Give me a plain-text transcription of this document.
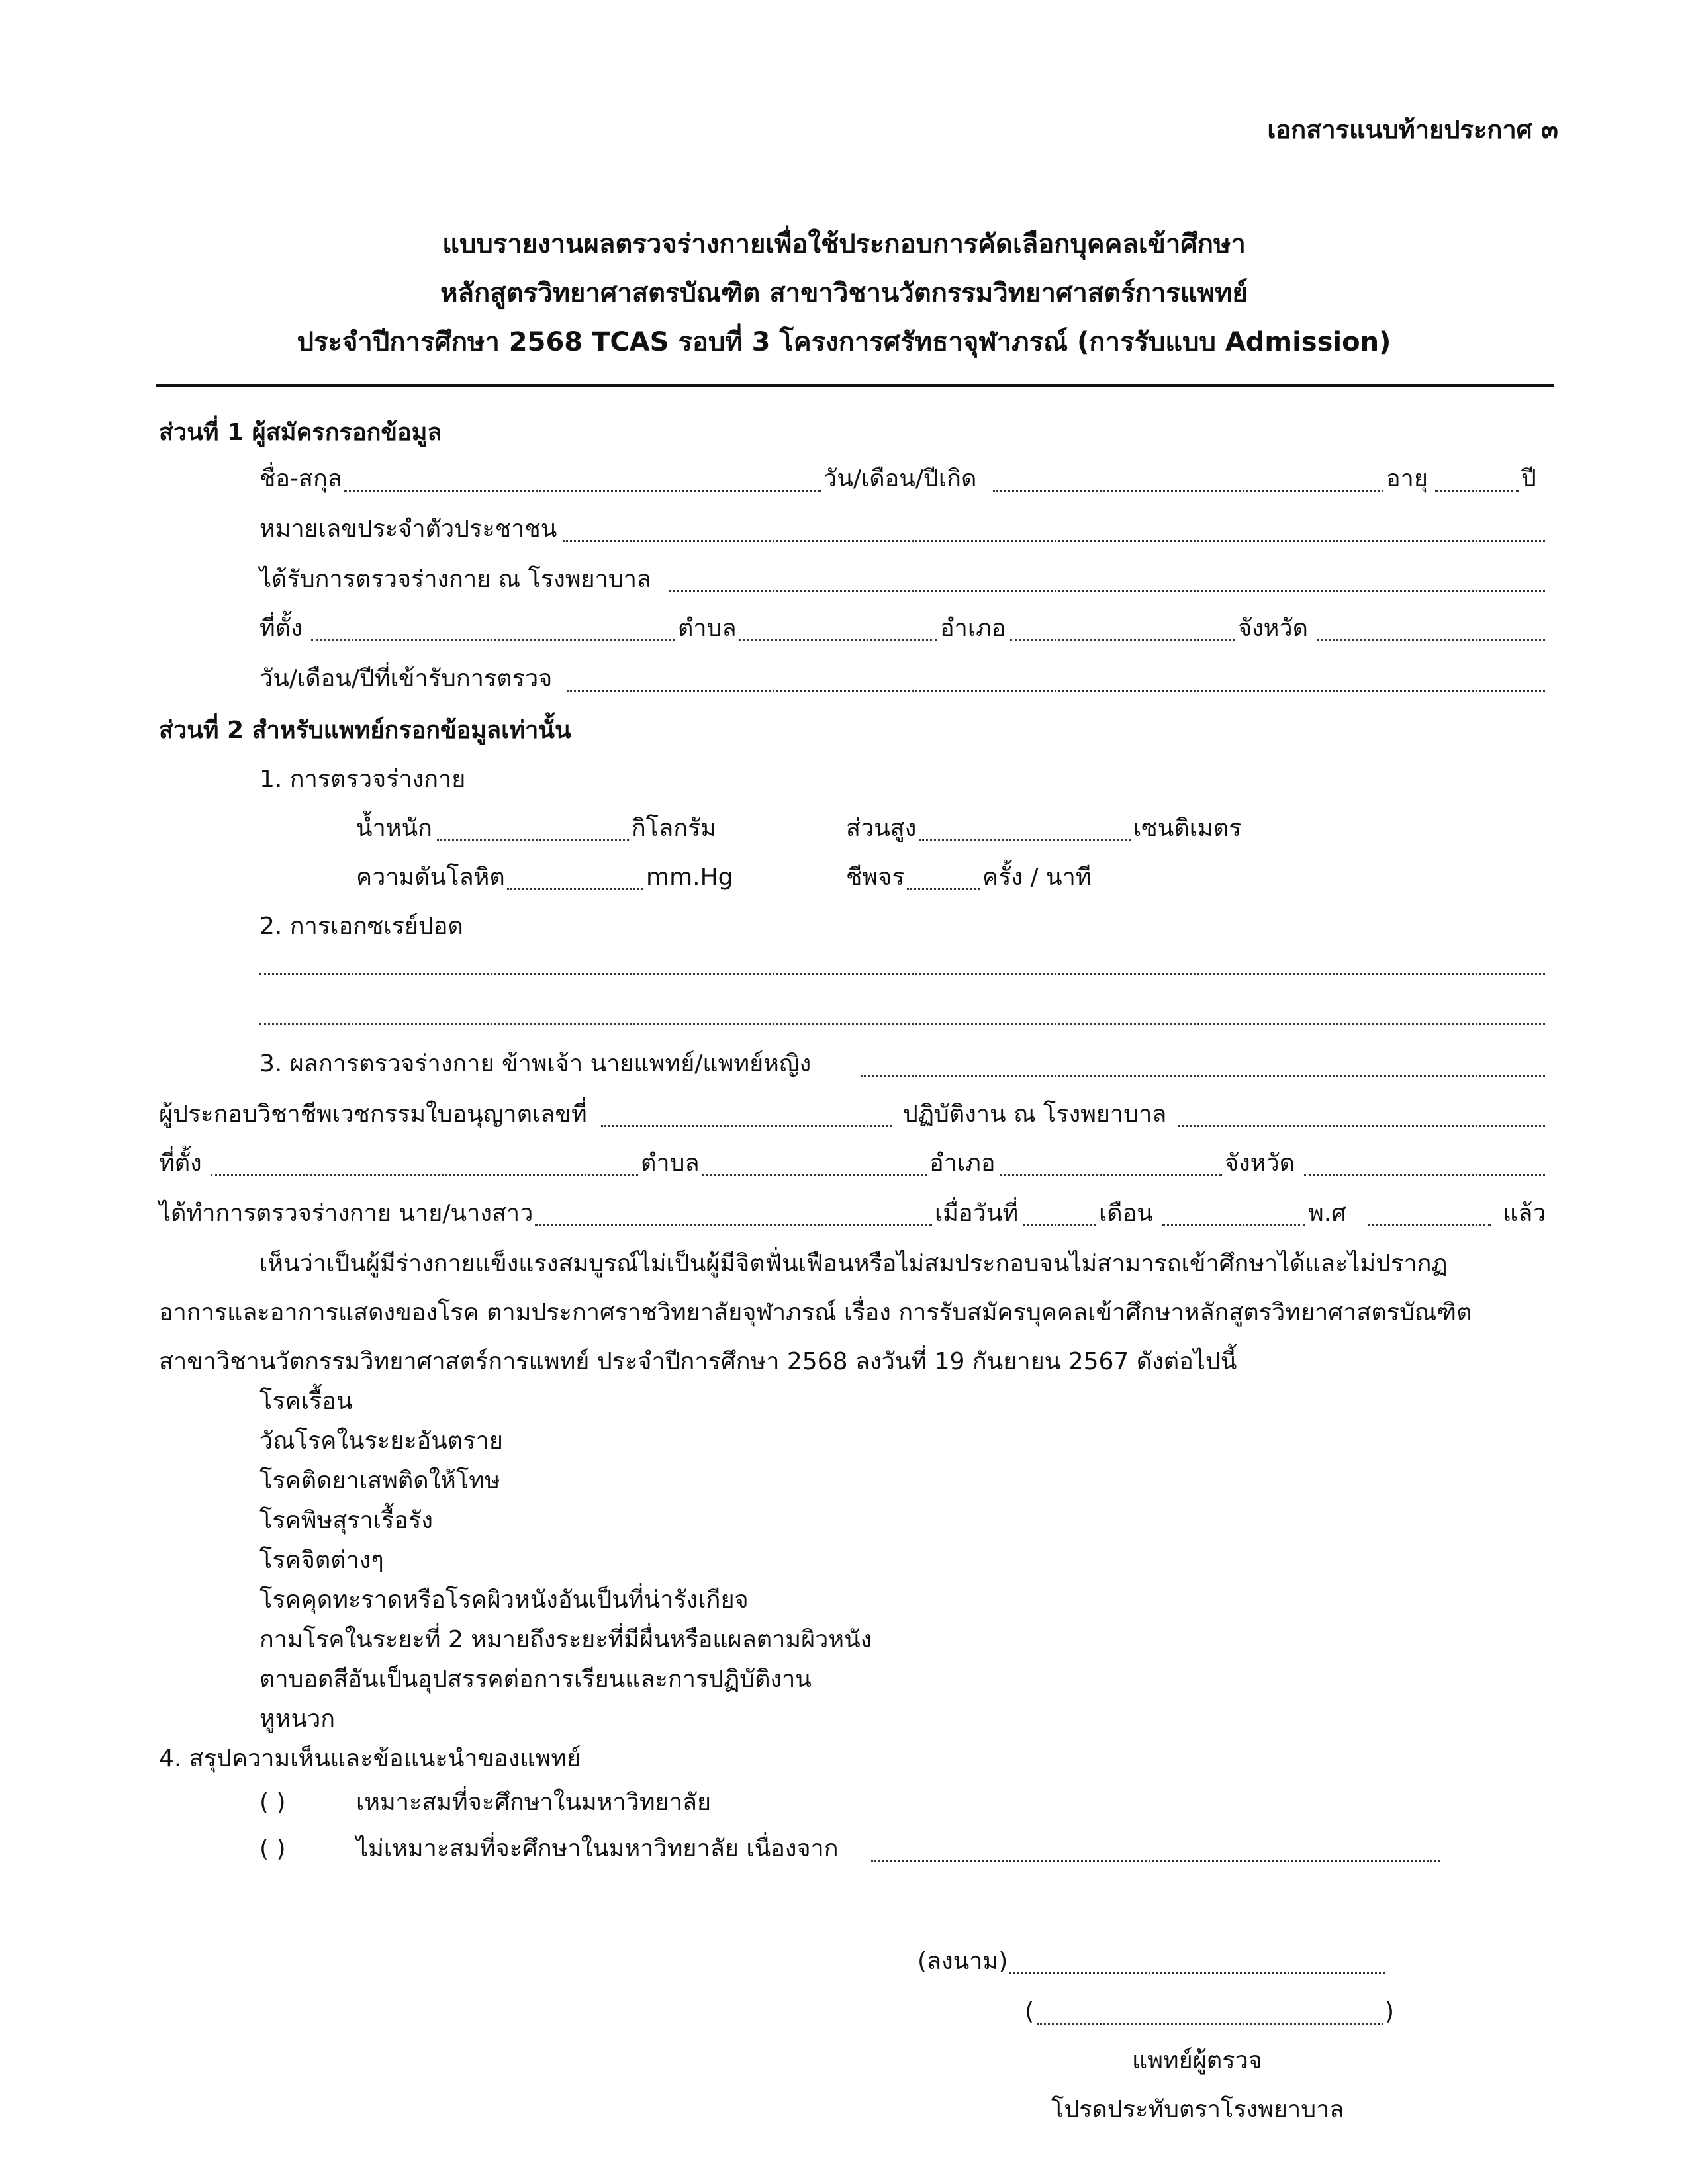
เอกสารแนบท้ายประกาศ ๓
แบบรายงานผลตรวจร่างกายเพื่อใช้ประกอบการคัดเลือกบุคคลเข้าศึกษา
หลักสูตรวิทยาศาสตรบัณฑิต สาขาวิชานวัตกรรมวิทยาศาสตร์การแพทย์
ประจำปีการศึกษา 2568 TCAS รอบที่ 3 โครงการศรัทธาจุฬาภรณ์ (การรับแบบ Admission)
ส่วนที่ 1 ผู้สมัครกรอกข้อมูล
ชื่อ-สกุล	วัน/เดือน/ปีเกิด	อายุ	ปี
หมายเลขประจำตัวประชาชน
ได้รับการตรวจร่างกาย ณ โรงพยาบาล
ที่ตั้ง	ตำบล	อำเภอ	จังหวัด
วัน/เดือน/ปีที่เข้ารับการตรวจ
ส่วนที่ 2 สำหรับแพทย์กรอกข้อมูลเท่านั้น
1. การตรวจร่างกาย
น้ำหนัก	กิโลกรัม	ส่วนสูง	เซนติเมตร
ความดันโลหิต	mm.Hg	ชีพจร	ครั้ง / นาที
2. การเอกซเรย์ปอด
3. ผลการตรวจร่างกาย ข้าพเจ้า นายแพทย์/แพทย์หญิง
ผู้ประกอบวิชาชีพเวชกรรมใบอนุญาตเลขที่	ปฏิบัติงาน ณ โรงพยาบาล
ที่ตั้ง	ตำบล	อำเภอ	จังหวัด
ได้ทำการตรวจร่างกาย นาย/นางสาว	เมื่อวันที่	เดือน	พ.ศ	แล้ว
เห็นว่าเป็นผู้มีร่างกายแข็งแรงสมบูรณ์ไม่เป็นผู้มีจิตฟั่นเฟือนหรือไม่สมประกอบจนไม่สามารถเข้าศึกษาได้และไม่ปรากฏ
อาการและอาการแสดงของโรค ตามประกาศราชวิทยาลัยจุฬาภรณ์ เรื่อง การรับสมัครบุคคลเข้าศึกษาหลักสูตรวิทยาศาสตรบัณฑิต
สาขาวิชานวัตกรรมวิทยาศาสตร์การแพทย์ ประจำปีการศึกษา 2568 ลงวันที่ 19 กันยายน 2567 ดังต่อไปนี้
โรคเรื้อน
วัณโรคในระยะอันตราย
โรคติดยาเสพติดให้โทษ
โรคพิษสุราเรื้อรัง
โรคจิตต่างๆ
โรคคุดทะราดหรือโรคผิวหนังอันเป็นที่น่ารังเกียจ
กามโรคในระยะที่ 2 หมายถึงระยะที่มีผื่นหรือแผลตามผิวหนัง
ตาบอดสีอันเป็นอุปสรรคต่อการเรียนและการปฏิบัติงาน
หูหนวก
4. สรุปความเห็นและข้อแนะนำของแพทย์
( )	เหมาะสมที่จะศึกษาในมหาวิทยาลัย
( )	ไม่เหมาะสมที่จะศึกษาในมหาวิทยาลัย เนื่องจาก
(ลงนาม)
(	)
แพทย์ผู้ตรวจ
โปรดประทับตราโรงพยาบาล
